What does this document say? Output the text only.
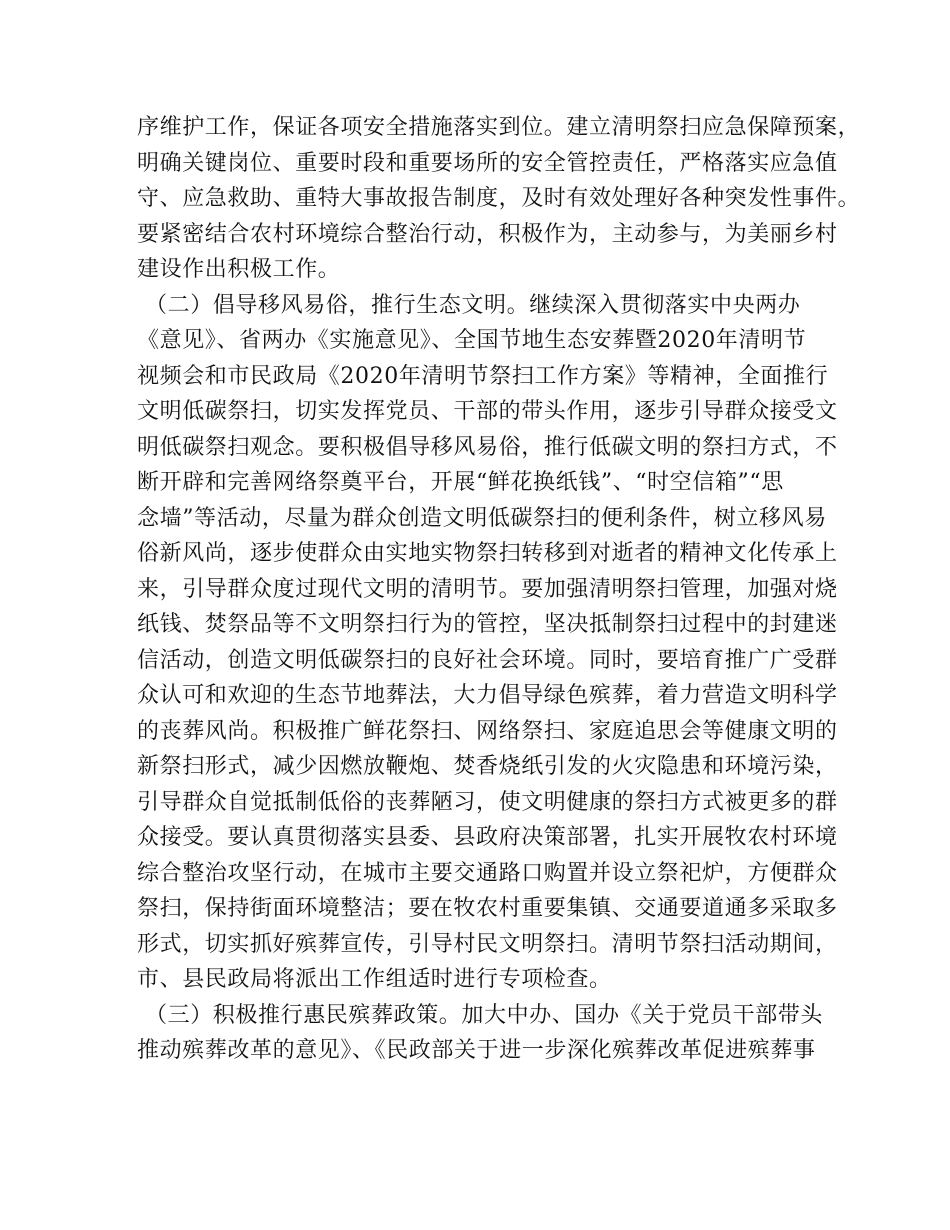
序维护工作，保证各项安全措施落实到位。建立清明祭扫应急保障预案，
明确关键岗位、重要时段和重要场所的安全管控责任，严格落实应急值
守、应急救助、重特大事故报告制度，及时有效处理好各种突发性事件。
要紧密结合农村环境综合整治行动，积极作为，主动参与，为美丽乡村
建设作出积极工作。
（二）倡导移风易俗，推行生态文明。继续深入贯彻落实中央两办
《意见》、省两办《实施意见》、全国节地生态安葬暨2020年清明节
视频会和市民政局《2020年清明节祭扫工作方案》等精神，全面推行
文明低碳祭扫，切实发挥党员、干部的带头作用，逐步引导群众接受文
明低碳祭扫观念。要积极倡导移风易俗，推行低碳文明的祭扫方式，不
断开辟和完善网络祭奠平台，开展“鲜花换纸钱”、“时空信箱”“思
念墙”等活动，尽量为群众创造文明低碳祭扫的便利条件，树立移风易
俗新风尚，逐步使群众由实地实物祭扫转移到对逝者的精神文化传承上
来，引导群众度过现代文明的清明节。要加强清明祭扫管理，加强对烧
纸钱、焚祭品等不文明祭扫行为的管控，坚决抵制祭扫过程中的封建迷
信活动，创造文明低碳祭扫的良好社会环境。同时，要培育推广广受群
众认可和欢迎的生态节地葬法，大力倡导绿色殡葬，着力营造文明科学
的丧葬风尚。积极推广鲜花祭扫、网络祭扫、家庭追思会等健康文明的
新祭扫形式，减少因燃放鞭炮、焚香烧纸引发的火灾隐患和环境污染，
引导群众自觉抵制低俗的丧葬陋习，使文明健康的祭扫方式被更多的群
众接受。要认真贯彻落实县委、县政府决策部署，扎实开展牧农村环境
综合整治攻坚行动，在城市主要交通路口购置并设立祭祀炉，方便群众
祭扫，保持街面环境整洁；要在牧农村重要集镇、交通要道通多采取多
形式，切实抓好殡葬宣传，引导村民文明祭扫。清明节祭扫活动期间，
市、县民政局将派出工作组适时进行专项检查。
（三）积极推行惠民殡葬政策。加大中办、国办《关于党员干部带头
推动殡葬改革的意见》、《民政部关于进一步深化殡葬改革促进殡葬事
